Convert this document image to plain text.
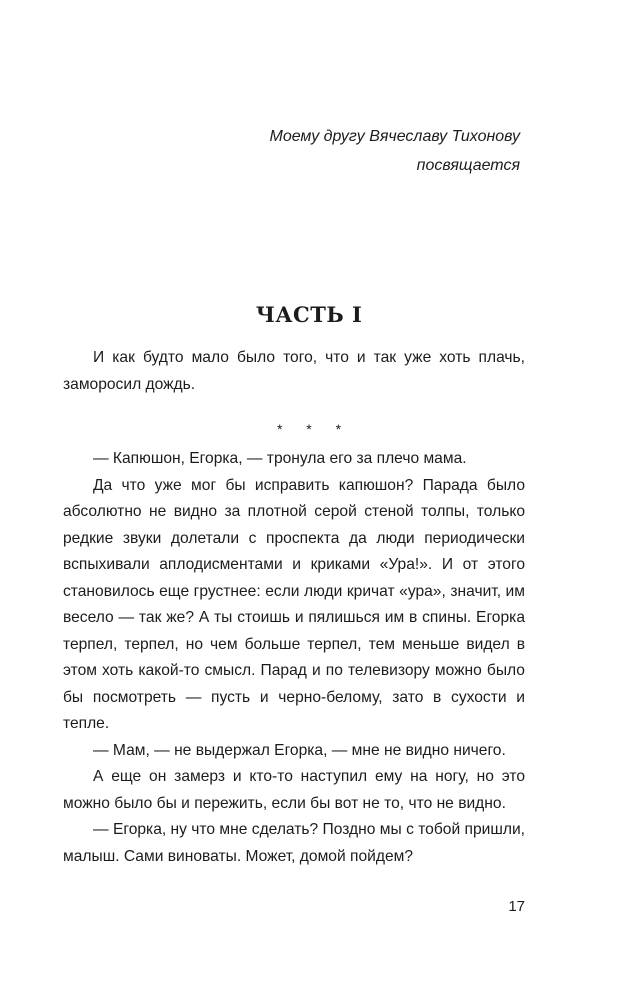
Моему другу Вячеславу Тихонову
посвящается
ЧАСТЬ I

И как будто мало было того, что и так уже хоть плачь, заморосил дождь.

* * *

— Капюшон, Егорка, — тронула его за плечо мама.

Да что уже мог бы исправить капюшон? Парада было абсолютно не видно за плотной серой стеной толпы, только редкие звуки долетали с проспекта да люди периодически вспыхивали аплодисментами и криками «Ура!». И от этого становилось еще грустнее: если люди кричат «ура», значит, им весело — так же? А ты стоишь и пялишься им в спины. Егорка терпел, терпел, но чем больше терпел, тем меньше видел в этом хоть какой-то смысл. Парад и по телевизору можно было бы посмотреть — пусть и черно-белому, зато в сухости и тепле.

— Мам, — не выдержал Егорка, — мне не видно ничего.

А еще он замерз и кто-то наступил ему на ногу, но это можно было бы и пережить, если бы вот не то, что не видно.

— Егорка, ну что мне сделать? Поздно мы с тобой пришли, малыш. Сами виноваты. Может, домой пойдем?

17
